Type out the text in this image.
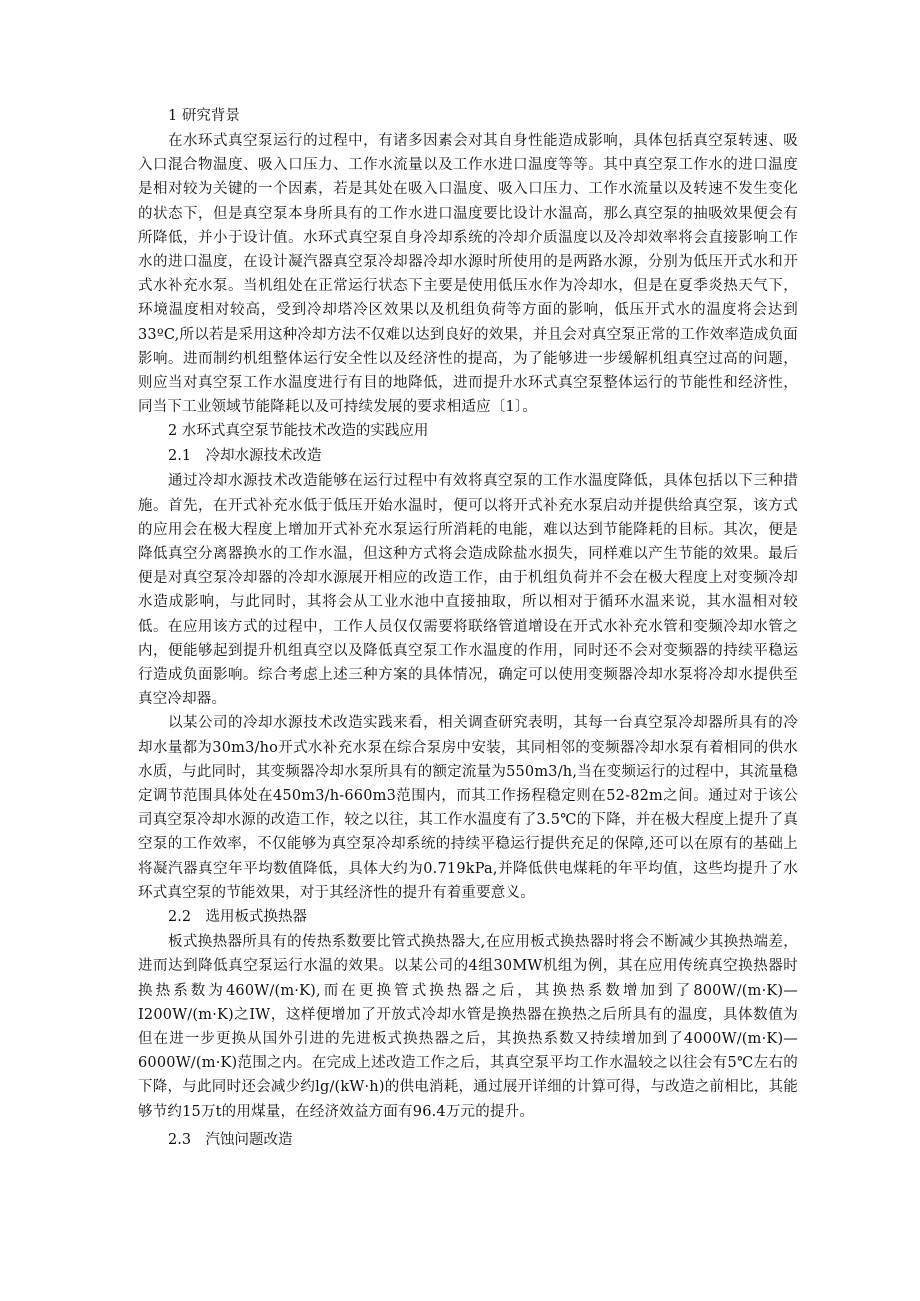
1 研究背景

在水环式真空泵运行的过程中，有诸多因素会对其自身性能造成影响，具体包括真空泵转速、吸入口混合物温度、吸入口压力、工作水流量以及工作水进口温度等等。其中真空泵工作水的进口温度是相对较为关键的一个因素，若是其处在吸入口温度、吸入口压力、工作水流量以及转速不发生变化的状态下，但是真空泵本身所具有的工作水进口温度要比设计水温高，那么真空泵的抽吸效果便会有所降低，并小于设计值。水环式真空泵自身冷却系统的冷却介质温度以及冷却效率将会直接影响工作水的进口温度，在设计凝汽器真空泵冷却器冷却水源时所使用的是两路水源，分别为低压开式水和开式水补充水泵。当机组处在正常运行状态下主要是使用低压水作为冷却水，但是在夏季炎热天气下，环境温度相对较高，受到冷却塔冷区效果以及机组负荷等方面的影响，低压开式水的温度将会达到33ºC,所以若是采用这种冷却方法不仅难以达到良好的效果，并且会对真空泵正常的工作效率造成负面影响。进而制约机组整体运行安全性以及经济性的提高，为了能够进一步缓解机组真空过高的问题，则应当对真空泵工作水温度进行有目的地降低，进而提升水环式真空泵整体运行的节能性和经济性，同当下工业领域节能降耗以及可持续发展的要求相适应〔1〕。

2 水环式真空泵节能技术改造的实践应用

2.1　冷却水源技术改造

通过冷却水源技术改造能够在运行过程中有效将真空泵的工作水温度降低，具体包括以下三种措施。首先，在开式补充水低于低压开始水温时，便可以将开式补充水泵启动并提供给真空泵，该方式的应用会在极大程度上增加开式补充水泵运行所消耗的电能，难以达到节能降耗的目标。其次，便是降低真空分离器换水的工作水温，但这种方式将会造成除盐水损失，同样难以产生节能的效果。最后便是对真空泵冷却器的冷却水源展开相应的改造工作，由于机组负荷并不会在极大程度上对变频冷却水造成影响，与此同时，其将会从工业水池中直接抽取，所以相对于循环水温来说，其水温相对较低。在应用该方式的过程中，工作人员仅仅需要将联络管道增设在开式水补充水管和变频冷却水管之内，便能够起到提升机组真空以及降低真空泵工作水温度的作用，同时还不会对变频器的持续平稳运行造成负面影响。综合考虑上述三种方案的具体情况，确定可以使用变频器冷却水泵将冷却水提供至真空冷却器。

以某公司的冷却水源技术改造实践来看，相关调查研究表明，其每一台真空泵冷却器所具有的冷却水量都为30m3∕ho开式水补充水泵在综合泵房中安装，其同相邻的变频器冷却水泵有着相同的供水水质，与此同时，其变频器冷却水泵所具有的额定流量为550m3∕h,当在变频运行的过程中，其流量稳定调节范围具体处在450m3∕h-660m3范围内，而其工作扬程稳定则在52-82m之间。通过对于该公司真空泵冷却水源的改造工作，较之以往，其工作水温度有了3.5℃的下降，并在极大程度上提升了真空泵的工作效率，不仅能够为真空泵冷却系统的持续平稳运行提供充足的保障,还可以在原有的基础上将凝汽器真空年平均数值降低，具体大约为0.719kPa,并降低供电煤耗的年平均值，这些均提升了水环式真空泵的节能效果，对于其经济性的提升有着重要意义。

2.2　选用板式换热器

板式换热器所具有的传热系数要比管式换热器大,在应用板式换热器时将会不断减少其换热端差，进而达到降低真空泵运行水温的效果。以某公司的4组30MW机组为例，其在应用传统真空换热器时换热系数为460W∕(m·K),而在更换管式换热器之后，其换热系数增加到了800W∕(m·K)—I200W∕(m·K)之IW，这样便增加了开放式冷却水管是换热器在换热之后所具有的温度，具体数值为但在进一步更换从国外引进的先进板式换热器之后，其换热系数又持续增加到了4000W∕(m·K)—6000W∕(m·K)范围之内。在完成上述改造工作之后，其真空泵平均工作水温较之以往会有5℃左右的下降，与此同时还会减少约lg∕(kW·h)的供电消耗，通过展开详细的计算可得，与改造之前相比，其能够节约15万t的用煤量，在经济效益方面有96.4万元的提升。

2.3　汽蚀问题改造
